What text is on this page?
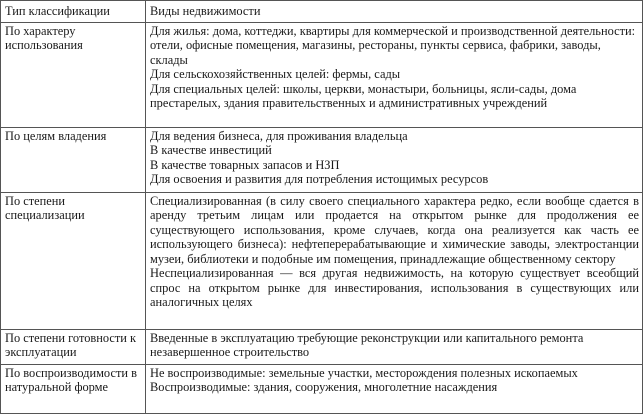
Тип классификации	Виды недвижимости
По характеру использования	Для жилья: дома, коттеджи, квартиры для коммерческой и производственной деятельности: отели, офисные помещения, магазины, рестораны, пункты сервиса, фабрики, заводы, склады
Для сельскохозяйственных целей: фермы, сады
Для специальных целей: школы, церкви, монастыри, больницы, ясли-сады, дома престарелых, здания правительственных и административных учреждений

По целям владения	Для ведения бизнеса, для проживания владельца
В качестве инвестиций
В качестве товарных запасов и НЗП
Для освоения и развития для потребления истощимых ресурсов

По степени специализации	Специализированная (в силу своего специального характера редко, если вообще сдается в аренду третьим лицам или продается на открытом рынке для продолжения ее существующего использования, кроме случаев, когда она реализуется как часть ее использующего бизнеса): нефтеперерабатывающие и химические заводы, электростанции музеи, библиотеки и подобные им помещения, принадлежащие общественному сектору
Неспециализированная — вся другая недвижимость, на которую существует всеобщий спрос на открытом рынке для инвестирования, использования в существующих или аналогичных целях

По степени готовности к эксплуатации	Введенные в эксплуатацию требующие реконструкции или капитального ремонта незавершенное строительство

По воспроизводимости в натуральной форме	Не воспроизводимые: земельные участки, месторождения полезных ископаемых
Воспроизводимые: здания, сооружения, многолетние насаждения
